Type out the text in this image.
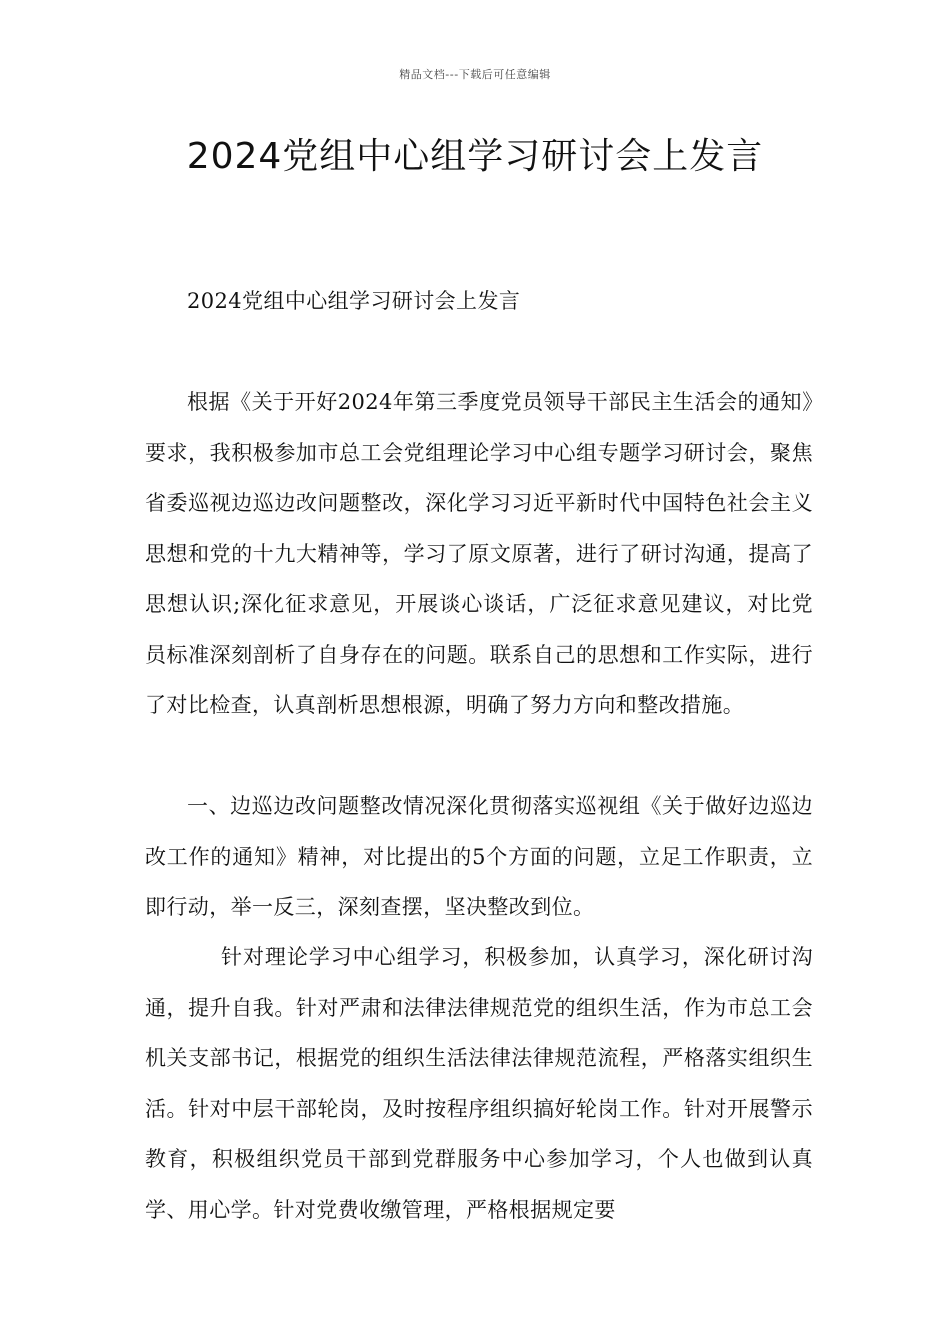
精品文档---下载后可任意编辑
2024党组中心组学习研讨会上发言

2024党组中心组学习研讨会上发言

根据《关于开好2024年第三季度党员领导干部民主生活会的通知》要求，我积极参加市总工会党组理论学习中心组专题学习研讨会，聚焦省委巡视边巡边改问题整改，深化学习习近平新时代中国特色社会主义思想和党的十九大精神等，学习了原文原著，进行了研讨沟通，提高了思想认识;深化征求意见，开展谈心谈话，广泛征求意见建议，对比党员标准深刻剖析了自身存在的问题。联系自己的思想和工作实际，进行了对比检查，认真剖析思想根源，明确了努力方向和整改措施。

一、边巡边改问题整改情况深化贯彻落实巡视组《关于做好边巡边改工作的通知》精神，对比提出的5个方面的问题，立足工作职责，立即行动，举一反三，深刻查摆，坚决整改到位。

针对理论学习中心组学习，积极参加，认真学习，深化研讨沟通，提升自我。针对严肃和法律法律规范党的组织生活，作为市总工会机关支部书记，根据党的组织生活法律法律规范流程，严格落实组织生活。针对中层干部轮岗，及时按程序组织搞好轮岗工作。针对开展警示教育，积极组织党员干部到党群服务中心参加学习，个人也做到认真学、用心学。针对党费收缴管理，严格根据规定要
